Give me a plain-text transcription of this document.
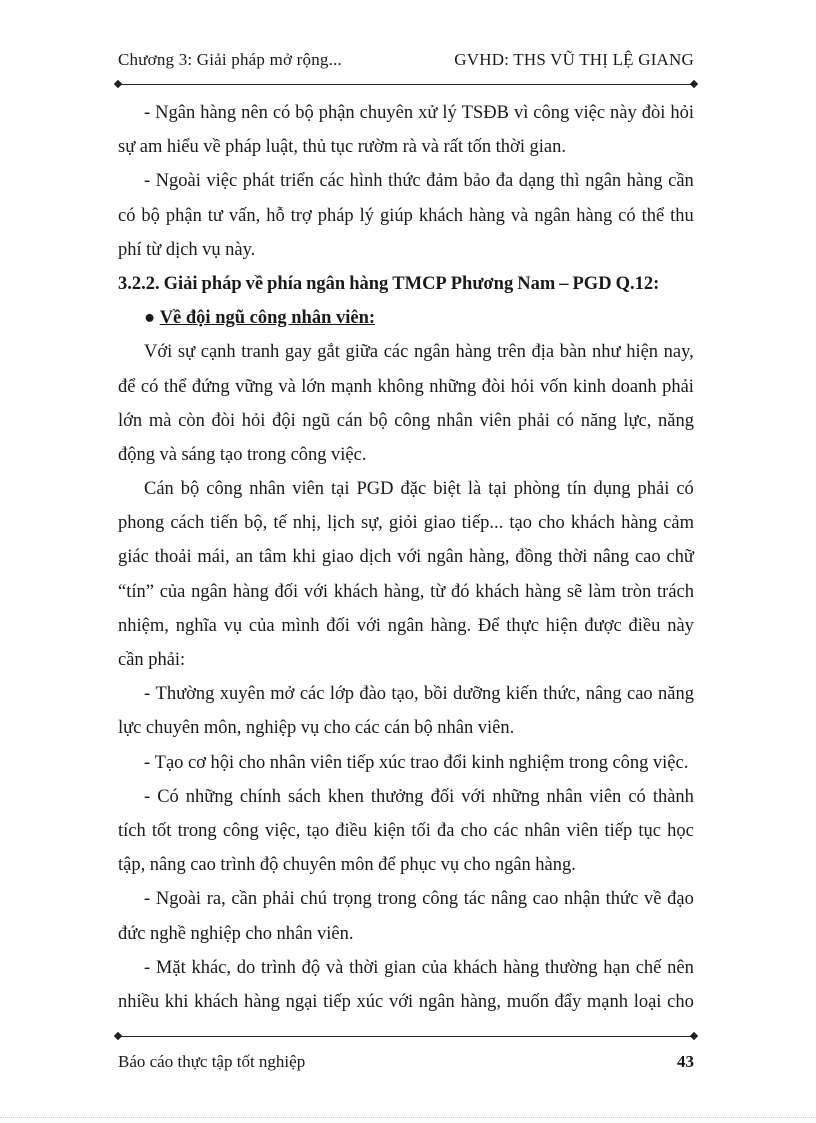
Chương 3: Giải pháp mở rộng...	GVHD: THS VŨ THỊ LỆ GIANG
- Ngân hàng nên có bộ phận chuyên xử lý TSĐB vì công việc này đòi hỏi
sự am hiểu về pháp luật, thủ tục rườm rà và rất tốn thời gian.
- Ngoài việc phát triển các hình thức đảm bảo đa dạng thì ngân hàng cần
có bộ phận tư vấn, hỗ trợ pháp lý giúp khách hàng và ngân hàng có thể thu
phí từ dịch vụ này.
3.2.2. Giải pháp về phía ngân hàng TMCP Phương Nam – PGD Q.12:
● Về đội ngũ công nhân viên:
Với sự cạnh tranh gay gắt giữa các ngân hàng trên địa bàn như hiện nay,
để có thể đứng vững và lớn mạnh không những đòi hỏi vốn kinh doanh phải
lớn mà còn đòi hỏi đội ngũ cán bộ công nhân viên phải có năng lực, năng
động và sáng tạo trong công việc.
Cán bộ công nhân viên tại PGD đặc biệt là tại phòng tín dụng phải có
phong cách tiến bộ, tế nhị, lịch sự, giỏi giao tiếp... tạo cho khách hàng cảm
giác thoải mái, an tâm khi giao dịch với ngân hàng, đồng thời nâng cao chữ
“tín” của ngân hàng đối với khách hàng, từ đó khách hàng sẽ làm tròn trách
nhiệm, nghĩa vụ của mình đối với ngân hàng. Để thực hiện được điều này
cần phải:
- Thường xuyên mở các lớp đào tạo, bồi dưỡng kiến thức, nâng cao năng
lực chuyên môn, nghiệp vụ cho các cán bộ nhân viên.
- Tạo cơ hội cho nhân viên tiếp xúc trao đổi kinh nghiệm trong công việc.
- Có những chính sách khen thưởng đối với những nhân viên có thành
tích tốt trong công việc, tạo điều kiện tối đa cho các nhân viên tiếp tục học
tập, nâng cao trình độ chuyên môn để phục vụ cho ngân hàng.
- Ngoài ra, cần phải chú trọng trong công tác nâng cao nhận thức về đạo
đức nghề nghiệp cho nhân viên.
- Mặt khác, do trình độ và thời gian của khách hàng thường hạn chế nên
nhiều khi khách hàng ngại tiếp xúc với ngân hàng, muốn đẩy mạnh loại cho
Báo cáo thực tập tốt nghiệp	43
